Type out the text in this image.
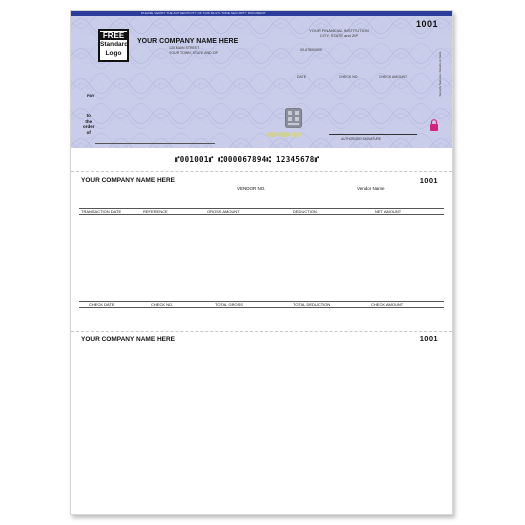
PLEASE VERIFY THE AUTHENTICITY OF THIS MULTI-TONE SECURITY DOCUMENT
1001
FREE
Standard
Logo
YOUR COMPANY NAME HERE
123 MAIN STREET
YOUR TOWN, STATE AND ZIP
YOUR FINANCIAL INSTITUTION
CITY, STATE and ZIP
00-6789/0000
DATE	CHECK NO.	CHECK AMOUNT
PAY
to
the
order
of
AUTHORIZED SIGNATURE
Security features. Details on back.
⑈001001⑈ ⑆000067894⑆ 12345678⑈
YOUR COMPANY NAME HERE	1001
VENDOR NO.	Vendor Name
TRANSACTION DATE	REFERENCE	GROSS AMOUNT	DEDUCTION	NET AMOUNT
CHECK DATE	CHECK NO.	TOTAL GROSS	TOTAL DEDUCTION	CHECK AMOUNT
YOUR COMPANY NAME HERE	1001
